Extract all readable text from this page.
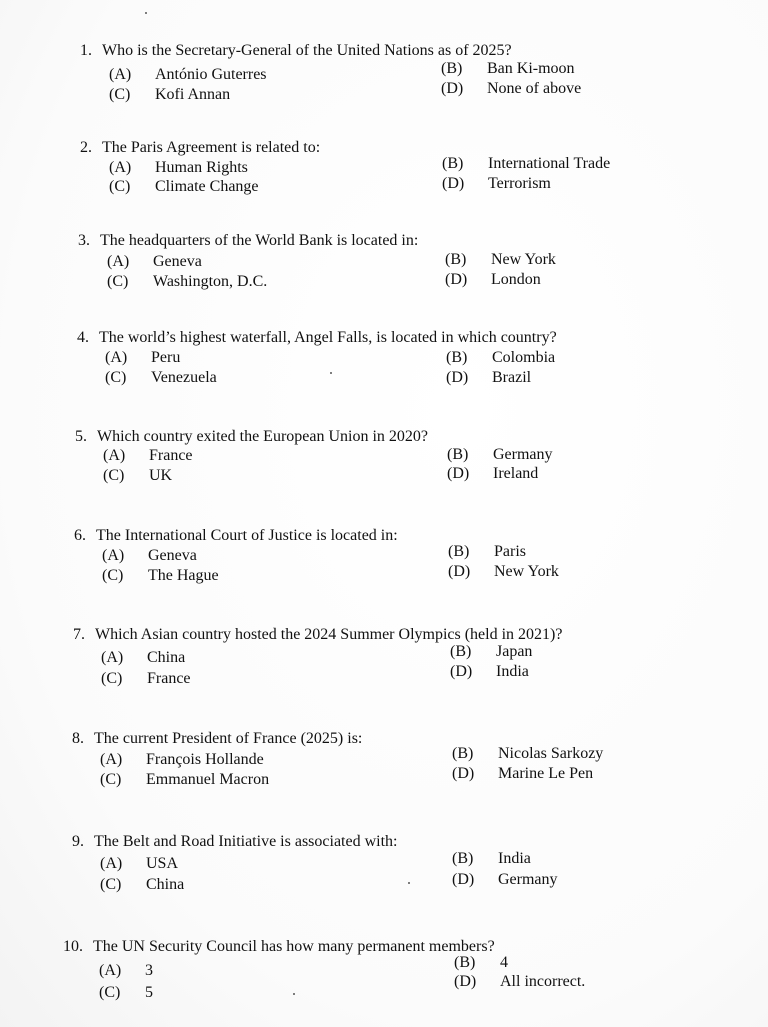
1. Who is the Secretary-General of the United Nations as of 2025?
(A) António Guterres
(C) Kofi Annan
(B) Ban Ki-moon
(D) None of above
2. The Paris Agreement is related to:
(A) Human Rights
(C) Climate Change
(B) International Trade
(D) Terrorism
3. The headquarters of the World Bank is located in:
(A) Geneva
(C) Washington, D.C.
(B) New York
(D) London
4. The world’s highest waterfall, Angel Falls, is located in which country?
(A) Peru
(C) Venezuela
(B) Colombia
(D) Brazil
5. Which country exited the European Union in 2020?
(A) France
(C) UK
(B) Germany
(D) Ireland
6. The International Court of Justice is located in:
(A) Geneva
(C) The Hague
(B) Paris
(D) New York
7. Which Asian country hosted the 2024 Summer Olympics (held in 2021)?
(A) China
(C) France
(B) Japan
(D) India
8. The current President of France (2025) is:
(A) François Hollande
(C) Emmanuel Macron
(B) Nicolas Sarkozy
(D) Marine Le Pen
9. The Belt and Road Initiative is associated with:
(A) USA
(C) China
(B) India
(D) Germany
10. The UN Security Council has how many permanent members?
(A) 3
(C) 5
(B) 4
(D) All incorrect.
